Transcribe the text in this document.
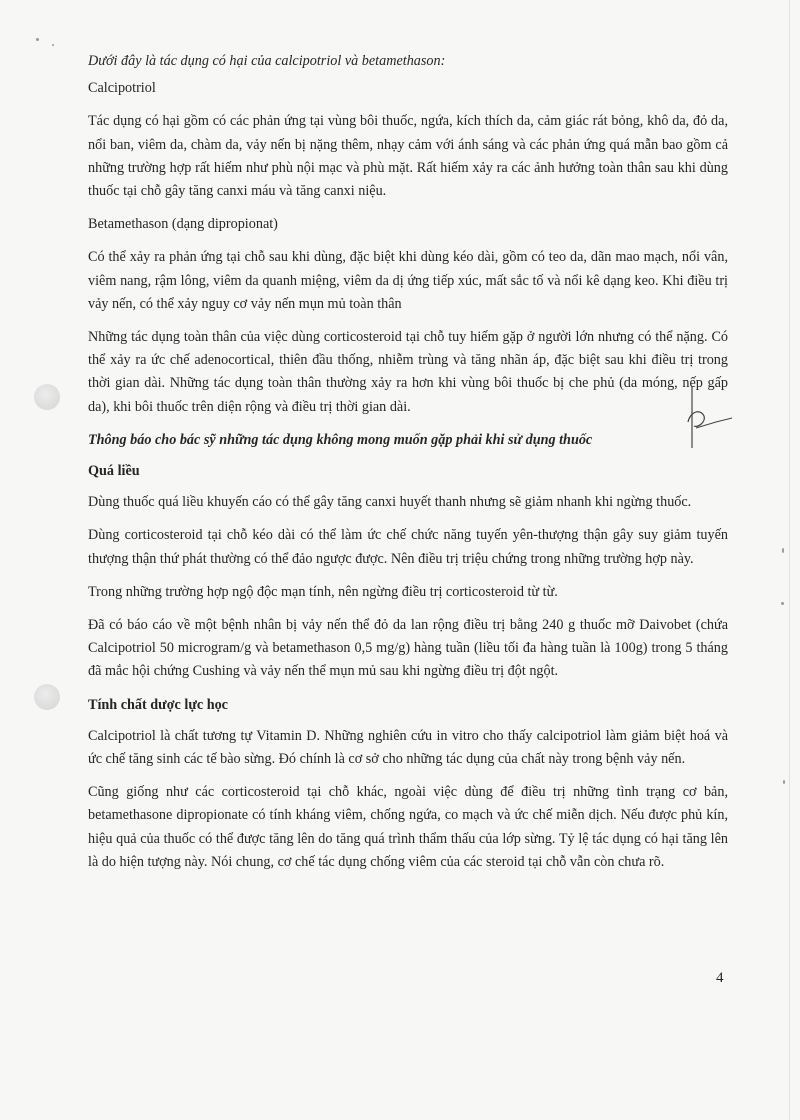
Dưới đây là tác dụng có hại của calcipotriol và betamethason:

Calcipotriol

Tác dụng có hại gồm có các phản ứng tại vùng bôi thuốc, ngứa, kích thích da, cảm giác rát bỏng, khô da, đỏ da, nổi ban, viêm da, chàm da, vảy nến bị nặng thêm, nhạy cảm với ánh sáng và các phản ứng quá mẫn bao gồm cả những trường hợp rất hiếm như phù nội mạc và phù mặt. Rất hiếm xảy ra các ảnh hưởng toàn thân sau khi dùng thuốc tại chỗ gây tăng canxi máu và tăng canxi niệu.

Betamethason (dạng dipropionat)

Có thể xảy ra phản ứng tại chỗ sau khi dùng, đặc biệt khi dùng kéo dài, gồm có teo da, dãn mao mạch, nổi vân, viêm nang, rậm lông, viêm da quanh miệng, viêm da dị ứng tiếp xúc, mất sắc tố và nổi kê dạng keo. Khi điều trị vảy nến, có thể xảy nguy cơ vảy nến mụn mủ toàn thân

Những tác dụng toàn thân của việc dùng corticosteroid tại chỗ tuy hiếm gặp ở người lớn nhưng có thể nặng. Có thể xảy ra ức chế adenocortical, thiên đầu thống, nhiễm trùng và tăng nhãn áp, đặc biệt sau khi điều trị trong thời gian dài. Những tác dụng toàn thân thường xảy ra hơn khi vùng bôi thuốc bị che phủ (da móng, nếp gấp da), khi bôi thuốc trên diện rộng và điều trị thời gian dài.

Thông báo cho bác sỹ những tác dụng không mong muốn gặp phải khi sử dụng thuốc

Quá liều

Dùng thuốc quá liều khuyến cáo có thể gây tăng canxi huyết thanh nhưng sẽ giảm nhanh khi ngừng thuốc.

Dùng corticosteroid tại chỗ kéo dài có thể làm ức chế chức năng tuyến yên-thượng thận gây suy giảm tuyến thượng thận thứ phát thường có thể đảo ngược được. Nên điều trị triệu chứng trong những trường hợp này.

Trong những trường hợp ngộ độc mạn tính, nên ngừng điều trị corticosteroid từ từ.

Đã có báo cáo về một bệnh nhân bị vảy nến thể đỏ da lan rộng điều trị bằng 240 g thuốc mỡ Daivobet (chứa Calcipotriol 50 microgram/g và betamethason 0,5 mg/g) hàng tuần (liều tối đa hàng tuần là 100g) trong 5 tháng đã mắc hội chứng Cushing và vảy nến thể mụn mủ sau khi ngừng điều trị đột ngột.

Tính chất dược lực học

Calcipotriol là chất tương tự Vitamin D. Những nghiên cứu in vitro cho thấy calcipotriol làm giảm biệt hoá và ức chế tăng sinh các tế bào sừng. Đó chính là cơ sở cho những tác dụng của chất này trong bệnh vảy nến.

Cũng giống như các corticosteroid tại chỗ khác, ngoài việc dùng để điều trị những tình trạng cơ bản, betamethasone dipropionate có tính kháng viêm, chống ngứa, co mạch và ức chế miễn dịch. Nếu được phủ kín, hiệu quả của thuốc có thể được tăng lên do tăng quá trình thẩm thấu của lớp sừng. Tỷ lệ tác dụng có hại tăng lên là do hiện tượng này. Nói chung, cơ chế tác dụng chống viêm của các steroid tại chỗ vẫn còn chưa rõ.

4
